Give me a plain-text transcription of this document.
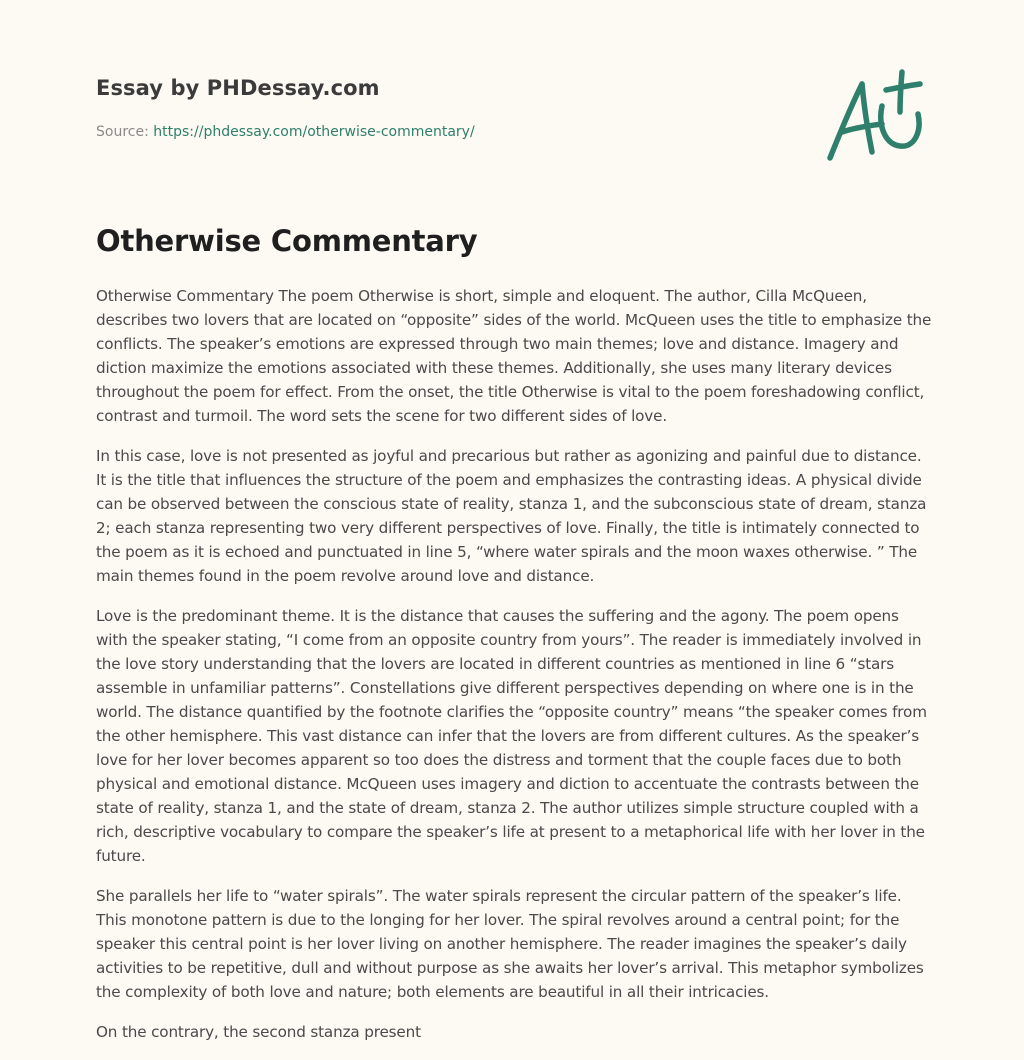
Essay by PHDessay.com
Source: https://phdessay.com/otherwise-commentary/
Otherwise Commentary

Otherwise Commentary The poem Otherwise is short, simple and eloquent. The author, Cilla McQueen, describes two lovers that are located on “opposite” sides of the world. McQueen uses the title to emphasize the conflicts. The speaker’s emotions are expressed through two main themes; love and distance. Imagery and diction maximize the emotions associated with these themes. Additionally, she uses many literary devices throughout the poem for effect. From the onset, the title Otherwise is vital to the poem foreshadowing conflict, contrast and turmoil. The word sets the scene for two different sides of love.

In this case, love is not presented as joyful and precarious but rather as agonizing and painful due to distance. It is the title that influences the structure of the poem and emphasizes the contrasting ideas. A physical divide can be observed between the conscious state of reality, stanza 1, and the subconscious state of dream, stanza 2; each stanza representing two very different perspectives of love. Finally, the title is intimately connected to the poem as it is echoed and punctuated in line 5, “where water spirals and the moon waxes otherwise. ” The main themes found in the poem revolve around love and distance.

Love is the predominant theme. It is the distance that causes the suffering and the agony. The poem opens with the speaker stating, “I come from an opposite country from yours”. The reader is immediately involved in the love story understanding that the lovers are located in different countries as mentioned in line 6 “stars assemble in unfamiliar patterns”. Constellations give different perspectives depending on where one is in the world. The distance quantified by the footnote clarifies the “opposite country” means “the speaker comes from the other hemisphere. This vast distance can infer that the lovers are from different cultures. As the speaker’s love for her lover becomes apparent so too does the distress and torment that the couple faces due to both physical and emotional distance. McQueen uses imagery and diction to accentuate the contrasts between the state of reality, stanza 1, and the state of dream, stanza 2. The author utilizes simple structure coupled with a rich, descriptive vocabulary to compare the speaker’s life at present to a metaphorical life with her lover in the future.

She parallels her life to “water spirals”. The water spirals represent the circular pattern of the speaker’s life. This monotone pattern is due to the longing for her lover. The spiral revolves around a central point; for the speaker this central point is her lover living on another hemisphere. The reader imagines the speaker’s daily activities to be repetitive, dull and without purpose as she awaits her lover’s arrival. This metaphor symbolizes the complexity of both love and nature; both elements are beautiful in all their intricacies.

On the contrary, the second stanza present
